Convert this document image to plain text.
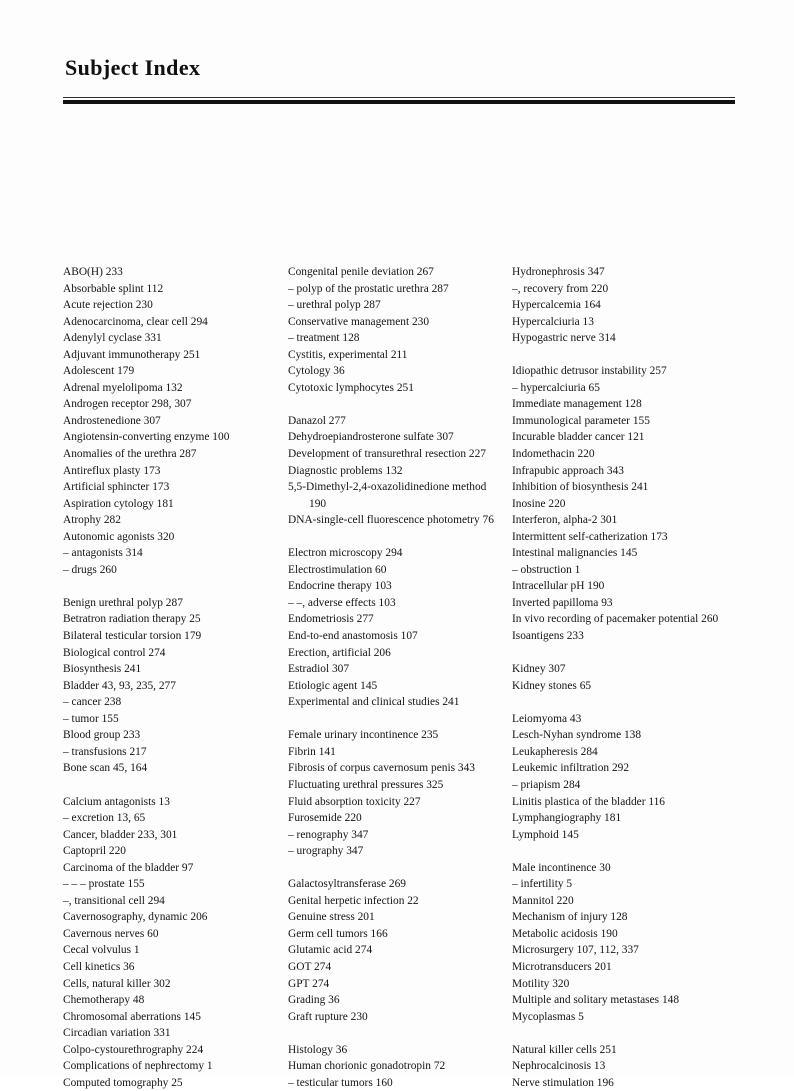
Subject Index
ABO(H) 233
Absorbable splint 112
Acute rejection 230
Adenocarcinoma, clear cell 294
Adenylyl cyclase 331
Adjuvant immunotherapy 251
Adolescent 179
Adrenal myelolipoma 132
Androgen receptor 298, 307
Androstenedione 307
Angiotensin-converting enzyme 100
Anomalies of the urethra 287
Antireflux plasty 173
Artificial sphincter 173
Aspiration cytology 181
Atrophy 282
Autonomic agonists 320
– antagonists 314
– drugs 260
Benign urethral polyp 287
Betratron radiation therapy 25
Bilateral testicular torsion 179
Biological control 274
Biosynthesis 241
Bladder 43, 93, 235, 277
– cancer 238
– tumor 155
Blood group 233
– transfusions 217
Bone scan 45, 164
Calcium antagonists 13
– excretion 13, 65
Cancer, bladder 233, 301
Captopril 220
Carcinoma of the bladder 97
– – – prostate 155
–, transitional cell 294
Cavernosography, dynamic 206
Cavernous nerves 60
Cecal volvulus 1
Cell kinetics 36
Cells, natural killer 302
Chemotherapy 48
Chromosomal aberrations 145
Circadian variation 331
Colpo-cystourethrography 224
Complications of nephrectomy 1
Computed tomography 25
Congenital penile deviation 267
– polyp of the prostatic urethra 287
– urethral polyp 287
Conservative management 230
– treatment 128
Cystitis, experimental 211
Cytology 36
Cytotoxic lymphocytes 251
Danazol 277
Dehydroepiandrosterone sulfate 307
Development of transurethral resection 227
Diagnostic problems 132
5,5-Dimethyl-2,4-oxazolidinedione method
190
DNA-single-cell fluorescence photometry 76
Electron microscopy 294
Electrostimulation 60
Endocrine therapy 103
– –, adverse effects 103
Endometriosis 277
End-to-end anastomosis 107
Erection, artificial 206
Estradiol 307
Etiologic agent 145
Experimental and clinical studies 241
Female urinary incontinence 235
Fibrin 141
Fibrosis of corpus cavernosum penis 343
Fluctuating urethral pressures 325
Fluid absorption toxicity 227
Furosemide 220
– renography 347
– urography 347
Galactosyltransferase 269
Genital herpetic infection 22
Genuine stress 201
Germ cell tumors 166
Glutamic acid 274
GOT 274
GPT 274
Grading 36
Graft rupture 230
Histology 36
Human chorionic gonadotropin 72
– testicular tumors 160
Hydronephrosis 347
–, recovery from 220
Hypercalcemia 164
Hypercalciuria 13
Hypogastric nerve 314
Idiopathic detrusor instability 257
– hypercalciuria 65
Immediate management 128
Immunological parameter 155
Incurable bladder cancer 121
Indomethacin 220
Infrapubic approach 343
Inhibition of biosynthesis 241
Inosine 220
Interferon, alpha-2 301
Intermittent self-catherization 173
Intestinal malignancies 145
– obstruction 1
Intracellular pH 190
Inverted papilloma 93
In vivo recording of pacemaker potential 260
Isoantigens 233
Kidney 307
Kidney stones 65
Leiomyoma 43
Lesch-Nyhan syndrome 138
Leukapheresis 284
Leukemic infiltration 292
– priapism 284
Linitis plastica of the bladder 116
Lymphangiography 181
Lymphoid 145
Male incontinence 30
– infertility 5
Mannitol 220
Mechanism of injury 128
Metabolic acidosis 190
Microsurgery 107, 112, 337
Microtransducers 201
Motility 320
Multiple and solitary metastases 148
Mycoplasmas 5
Natural killer cells 251
Nephrocalcinosis 13
Nerve stimulation 196
